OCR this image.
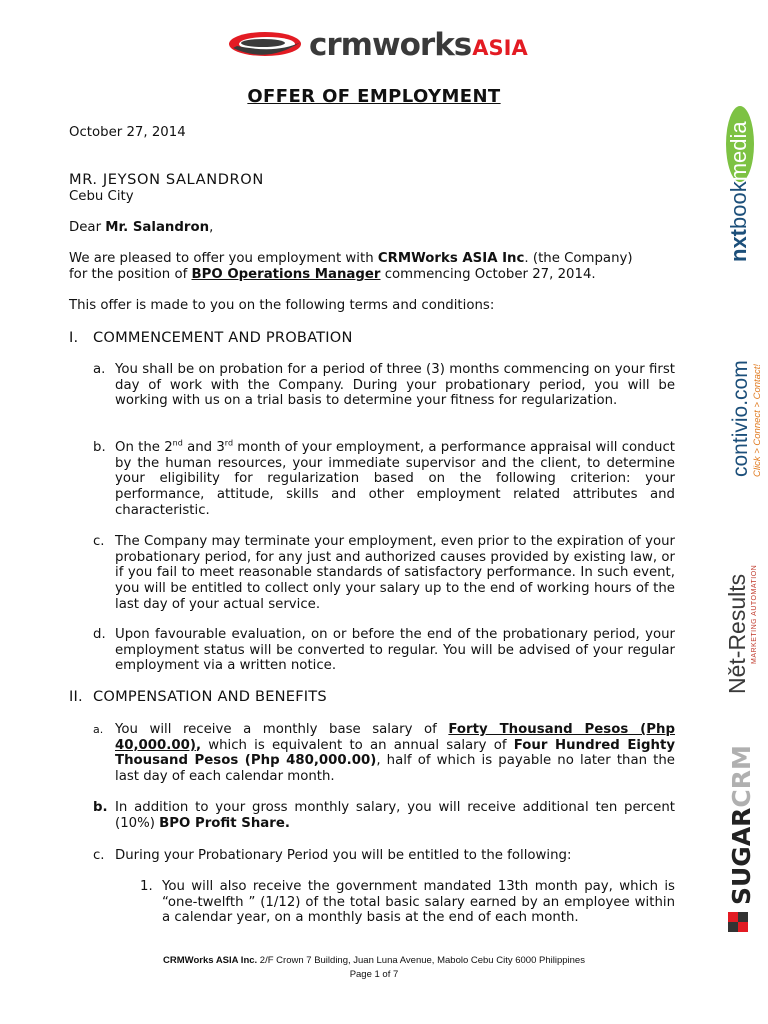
crmworksASIA
OFFER OF EMPLOYMENT
October 27, 2014
MR. JEYSON SALANDRON
Cebu City
Dear Mr. Salandron,
We are pleased to offer you employment with CRMWorks ASIA Inc. (the Company)
for the position of BPO Operations Manager commencing October 27, 2014.
This offer is made to you on the following terms and conditions:
I. COMMENCEMENT AND PROBATION
a. You shall be on probation for a period of three (3) months commencing on your first day of work with the Company. During your probationary period, you will be working with us on a trial basis to determine your fitness for regularization.
b. On the 2nd and 3rd month of your employment, a performance appraisal will conduct by the human resources, your immediate supervisor and the client, to determine your eligibility for regularization based on the following criterion: your performance, attitude, skills and other employment related attributes and characteristic.
c. The Company may terminate your employment, even prior to the expiration of your probationary period, for any just and authorized causes provided by existing law, or if you fail to meet reasonable standards of satisfactory performance. In such event, you will be entitled to collect only your salary up to the end of working hours of the last day of your actual service.
d. Upon favourable evaluation, on or before the end of the probationary period, your employment status will be converted to regular. You will be advised of your regular employment via a written notice.
II. COMPENSATION AND BENEFITS
a. You will receive a monthly base salary of Forty Thousand Pesos (Php 40,000.00), which is equivalent to an annual salary of Four Hundred Eighty Thousand Pesos (Php 480,000.00), half of which is payable no later than the last day of each calendar month.
b. In addition to your gross monthly salary, you will receive additional ten percent (10%) BPO Profit Share.
c. During your Probationary Period you will be entitled to the following:
1. You will also receive the government mandated 13th month pay, which is “one-twelfth ” (1/12) of the total basic salary earned by an employee within a calendar year, on a monthly basis at the end of each month.
CRMWorks ASIA Inc. 2/F Crown 7 Building, Juan Luna Avenue, Mabolo Cebu City 6000 Philippines
Page 1 of 7
nxtbookmedia
contivio.com Click > Connect > Contact!
Nět-Results MARKETING AUTOMATION
SUGARCRM
